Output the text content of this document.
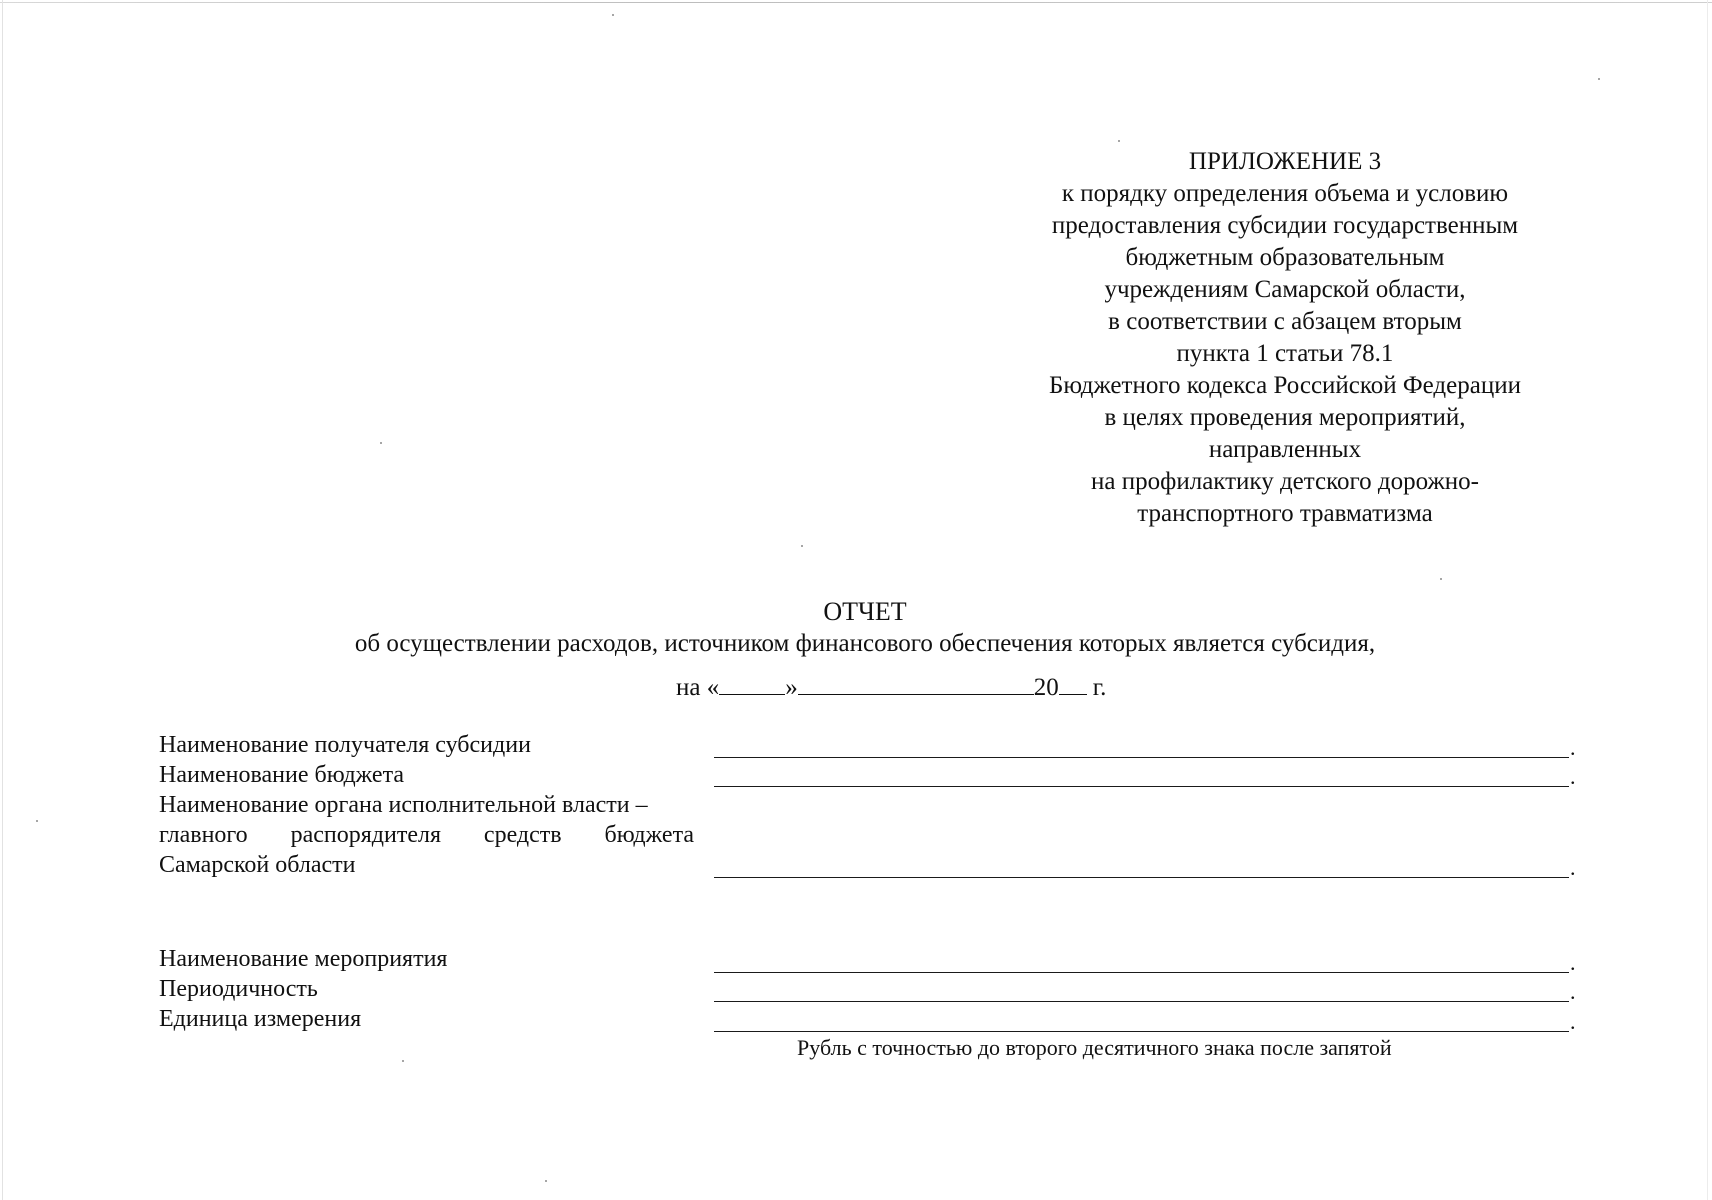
ПРИЛОЖЕНИЕ 3
к порядку определения объема и условию
предоставления субсидии государственным
бюджетным образовательным
учреждениям Самарской области,
в соответствии с абзацем вторым
пункта 1 статьи 78.1
Бюджетного кодекса Российской Федерации
в целях проведения мероприятий,
направленных
на профилактику детского дорожно-
транспортного травматизма
ОТЧЕТ
об осуществлении расходов, источником финансового обеспечения которых является субсидия,
на «	»	20 г.
Наименование получателя субсидии	.
Наименование бюджета	.
Наименование органа исполнительной власти –
главного распорядителя средств бюджета
Самарской области	.
Наименование мероприятия	.
Периодичность	.
Единица измерения	.
Рубль с точностью до второго десятичного знака после запятой
